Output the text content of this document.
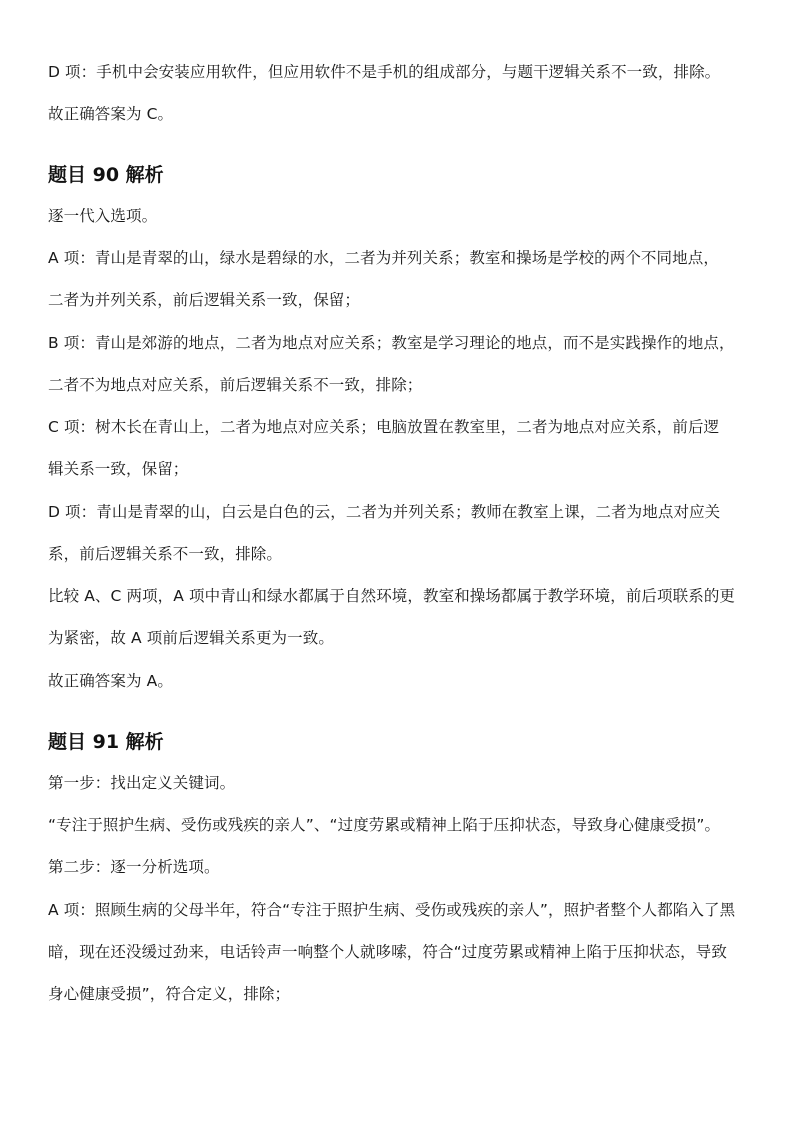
D 项：手机中会安装应用软件，但应用软件不是手机的组成部分，与题干逻辑关系不一致，排除。
故正确答案为 C。
题目 90 解析
逐一代入选项。
A 项：青山是青翠的山，绿水是碧绿的水，二者为并列关系；教室和操场是学校的两个不同地点，
二者为并列关系，前后逻辑关系一致，保留；
B 项：青山是郊游的地点，二者为地点对应关系；教室是学习理论的地点，而不是实践操作的地点，
二者不为地点对应关系，前后逻辑关系不一致，排除；
C 项：树木长在青山上，二者为地点对应关系；电脑放置在教室里，二者为地点对应关系，前后逻
辑关系一致，保留；
D 项：青山是青翠的山，白云是白色的云，二者为并列关系；教师在教室上课，二者为地点对应关
系，前后逻辑关系不一致，排除。
比较 A、C 两项，A 项中青山和绿水都属于自然环境，教室和操场都属于教学环境，前后项联系的更
为紧密，故 A 项前后逻辑关系更为一致。
故正确答案为 A。
题目 91 解析
第一步：找出定义关键词。
“专注于照护生病、受伤或残疾的亲人”、“过度劳累或精神上陷于压抑状态，导致身心健康受损”。
第二步：逐一分析选项。
A 项：照顾生病的父母半年，符合“专注于照护生病、受伤或残疾的亲人”，照护者整个人都陷入了黑
暗，现在还没缓过劲来，电话铃声一响整个人就哆嗦，符合“过度劳累或精神上陷于压抑状态，导致
身心健康受损”，符合定义，排除；
